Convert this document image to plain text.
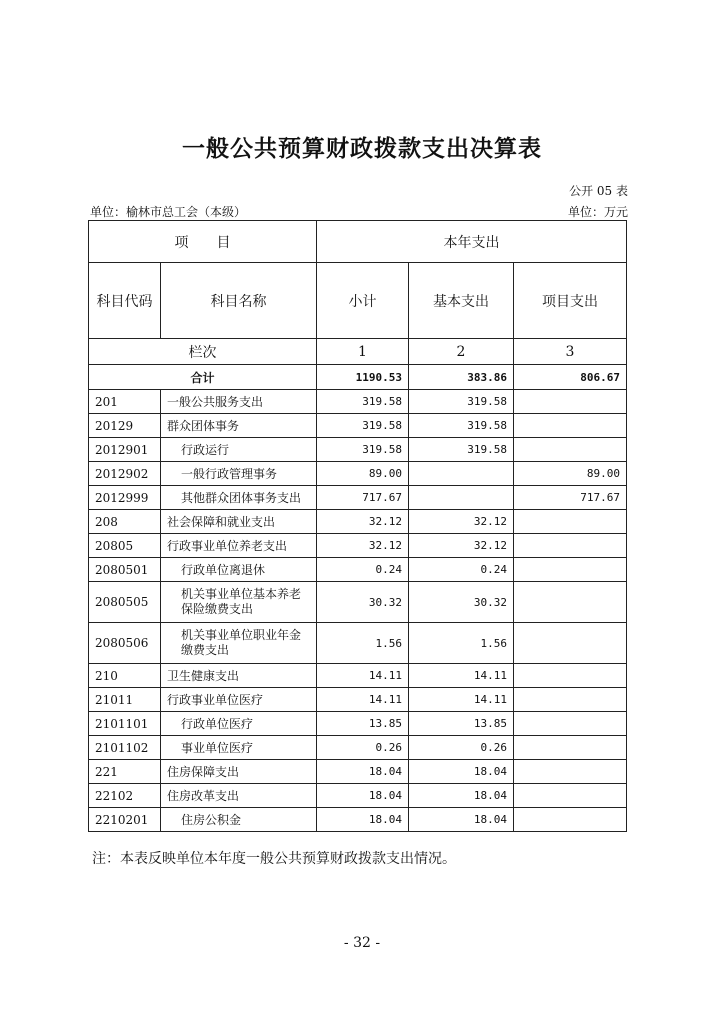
一般公共预算财政拨款支出决算表
公开 05 表
单位：榆林市总工会（本级）	单位：万元
项　　目		本年支出		
科目代码	科目名称	小计	基本支出	项目支出
栏次		1	2	3
合计		1190.53	383.86	806.67
201	一般公共服务支出	319.58	319.58	
20129	群众团体事务	319.58	319.58	
2012901	行政运行	319.58	319.58	
2012902	一般行政管理事务	89.00		89.00
2012999	其他群众团体事务支出	717.67		717.67
208	社会保障和就业支出	32.12	32.12	
20805	行政事业单位养老支出	32.12	32.12	
2080501	行政单位离退休	0.24	0.24	
2080505	机关事业单位基本养老保险缴费支出	30.32	30.32	
2080506	机关事业单位职业年金缴费支出	1.56	1.56	
210	卫生健康支出	14.11	14.11	
21011	行政事业单位医疗	14.11	14.11	
2101101	行政单位医疗	13.85	13.85	
2101102	事业单位医疗	0.26	0.26	
221	住房保障支出	18.04	18.04	
22102	住房改革支出	18.04	18.04	
2210201	住房公积金	18.04	18.04	
注：本表反映单位本年度一般公共预算财政拨款支出情况。
- 32 -
